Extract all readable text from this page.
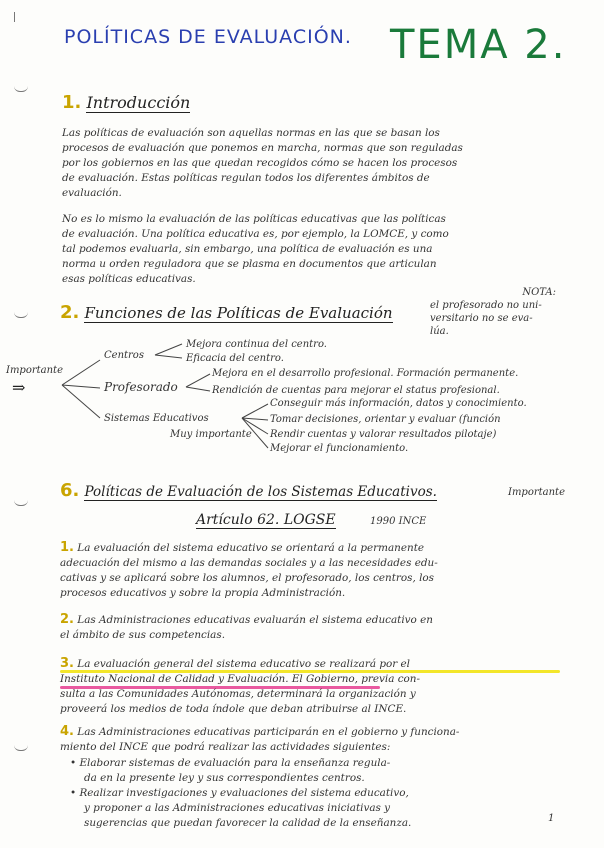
POLÍTICAS DE EVALUACIÓN. TEMA 2.
1. Introducción
Las políticas de evaluación son aquellas normas en las que se basan los
procesos de evaluación que ponemos en marcha, normas que son reguladas
por los gobiernos en las que quedan recogidos cómo se hacen los procesos
de evaluación. Estas políticas regulan todos los diferentes ámbitos de
evaluación.
No es lo mismo la evaluación de las políticas educativas que las políticas
de evaluación. Una política educativa es, por ejemplo, la LOMCE, y como
tal podemos evaluarla, sin embargo, una política de evaluación es una
norma u orden reguladora que se plasma en documentos que articulan
esas políticas educativas.
NOTA:
el profesorado no uni-
versitario no se eva-
lúa.
2. Funciones de las Políticas de Evaluación
Importante
⇒
Centros
Mejora continua del centro.
Eficacia del centro.
Profesorado
Mejora en el desarrollo profesional. Formación permanente.
Rendición de cuentas para mejorar el status profesional.
Sistemas Educativos
Muy importante
Conseguir más información, datos y conocimiento.
Tomar decisiones, orientar y evaluar (función
Rendir cuentas y valorar resultados pilotaje)
Mejorar el funcionamiento.
6. Políticas de Evaluación de los Sistemas Educativos.	Importante
Artículo 62. LOGSE	1990 INCE
1. La evaluación del sistema educativo se orientará a la permanente
adecuación del mismo a las demandas sociales y a las necesidades edu-
cativas y se aplicará sobre los alumnos, el profesorado, los centros, los
procesos educativos y sobre la propia Administración.
2. Las Administraciones educativas evaluarán el sistema educativo en
el ámbito de sus competencias.
3. La evaluación general del sistema educativo se realizará por el
Instituto Nacional de Calidad y Evaluación. El Gobierno, previa con-
sulta a las Comunidades Autónomas, determinará la organización y
proveerá los medios de toda índole que deban atribuirse al INCE.
4. Las Administraciones educativas participarán en el gobierno y funciona-
miento del INCE que podrá realizar las actividades siguientes:
• Elaborar sistemas de evaluación para la enseñanza regula-
da en la presente ley y sus correspondientes centros.
• Realizar investigaciones y evaluaciones del sistema educativo,
y proponer a las Administraciones educativas iniciativas y
sugerencias que puedan favorecer la calidad de la enseñanza.	1
